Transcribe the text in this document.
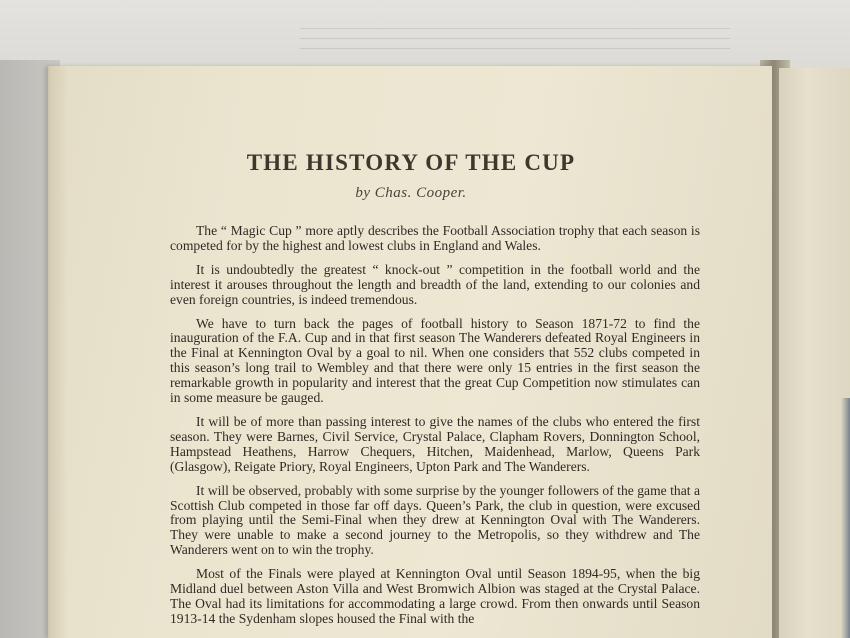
THE HISTORY OF THE CUP
by Chas. Cooper.

The “ Magic Cup ” more aptly describes the Football Association trophy that each season is competed for by the highest and lowest clubs in England and Wales.

It is undoubtedly the greatest “ knock-out ” competition in the football world and the interest it arouses throughout the length and breadth of the land, extending to our colonies and even foreign countries, is indeed tremendous.

We have to turn back the pages of football history to Season 1871-72 to find the inauguration of the F.A. Cup and in that first season The Wanderers defeated Royal Engineers in the Final at Kennington Oval by a goal to nil. When one considers that 552 clubs competed in this season’s long trail to Wembley and that there were only 15 entries in the first season the remarkable growth in popularity and interest that the great Cup Competition now stimulates can in some measure be gauged.

It will be of more than passing interest to give the names of the clubs who entered the first season. They were Barnes, Civil Service, Crystal Palace, Clapham Rovers, Donnington School, Hampstead Heathens, Harrow Chequers, Hitchen, Maidenhead, Marlow, Queens Park (Glasgow), Reigate Priory, Royal Engineers, Upton Park and The Wanderers.

It will be observed, probably with some surprise by the younger followers of the game that a Scottish Club competed in those far off days. Queen’s Park, the club in question, were excused from playing until the Semi-Final when they drew at Kennington Oval with The Wanderers. They were unable to make a second journey to the Metropolis, so they withdrew and The Wanderers went on to win the trophy.

Most of the Finals were played at Kennington Oval until Season 1894-95, when the big Midland duel between Aston Villa and West Bromwich Albion was staged at the Crystal Palace. The Oval had its limitations for accommodating a large crowd. From then onwards until Season 1913-14 the Sydenham slopes housed the Final with the
